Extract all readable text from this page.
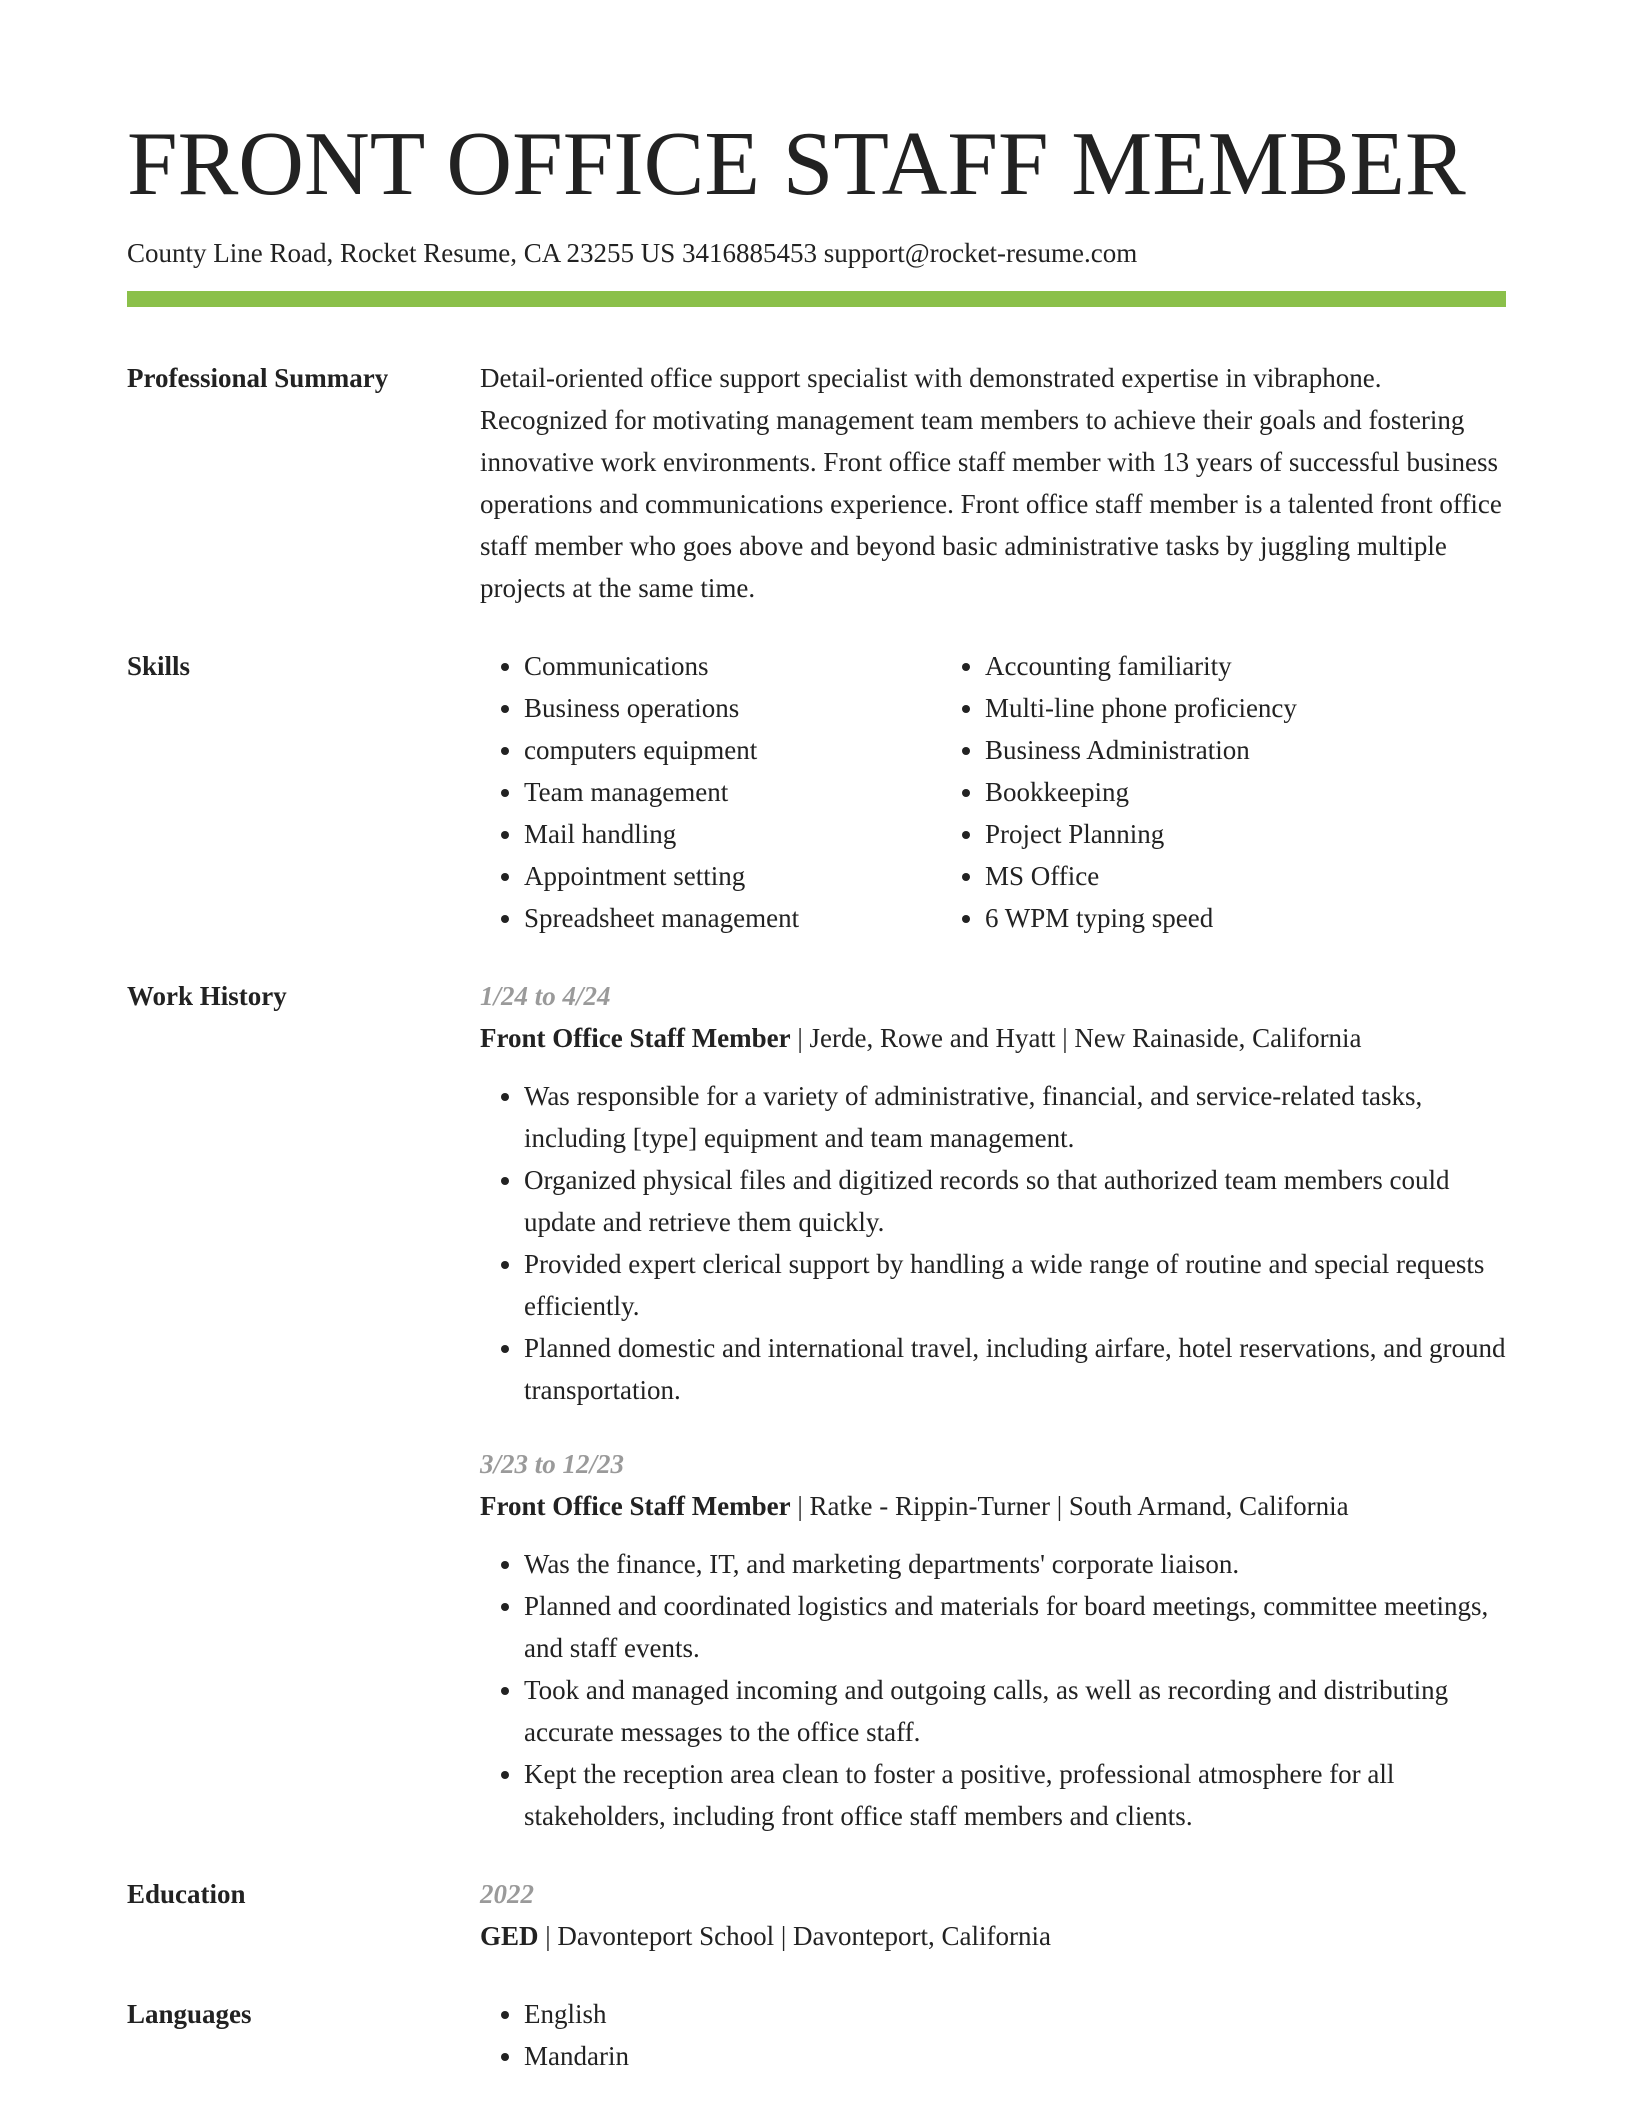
FRONT OFFICE STAFF MEMBER
County Line Road, Rocket Resume, CA 23255 US 3416885453 support@rocket-resume.com
Professional Summary	Detail-oriented office support specialist with demonstrated expertise in vibraphone. Recognized for motivating management team members to achieve their goals and fostering innovative work environments. Front office staff member with 13 years of successful business operations and communications experience. Front office staff member is a talented front office staff member who goes above and beyond basic administrative tasks by juggling multiple projects at the same time.

Skills	• Communications
• Business operations
• computers equipment
• Team management
• Mail handling
• Appointment setting
• Spreadsheet management
• Accounting familiarity
• Multi-line phone proficiency
• Business Administration
• Bookkeeping
• Project Planning
• MS Office
• 6 WPM typing speed
Work History	1/24 to 4/24
Front Office Staff Member | Jerde, Rowe and Hyatt | New Rainaside, California
• Was responsible for a variety of administrative, financial, and service-related tasks, including [type] equipment and team management.
• Organized physical files and digitized records so that authorized team members could update and retrieve them quickly.
• Provided expert clerical support by handling a wide range of routine and special requests efficiently.
• Planned domestic and international travel, including airfare, hotel reservations, and ground transportation.
3/23 to 12/23
Front Office Staff Member | Ratke - Rippin-Turner | South Armand, California
• Was the finance, IT, and marketing departments' corporate liaison.
• Planned and coordinated logistics and materials for board meetings, committee meetings, and staff events.
• Took and managed incoming and outgoing calls, as well as recording and distributing accurate messages to the office staff.
• Kept the reception area clean to foster a positive, professional atmosphere for all stakeholders, including front office staff members and clients.
Education	2022
GED | Davonteport School | Davonteport, California
Languages	• English
• Mandarin
